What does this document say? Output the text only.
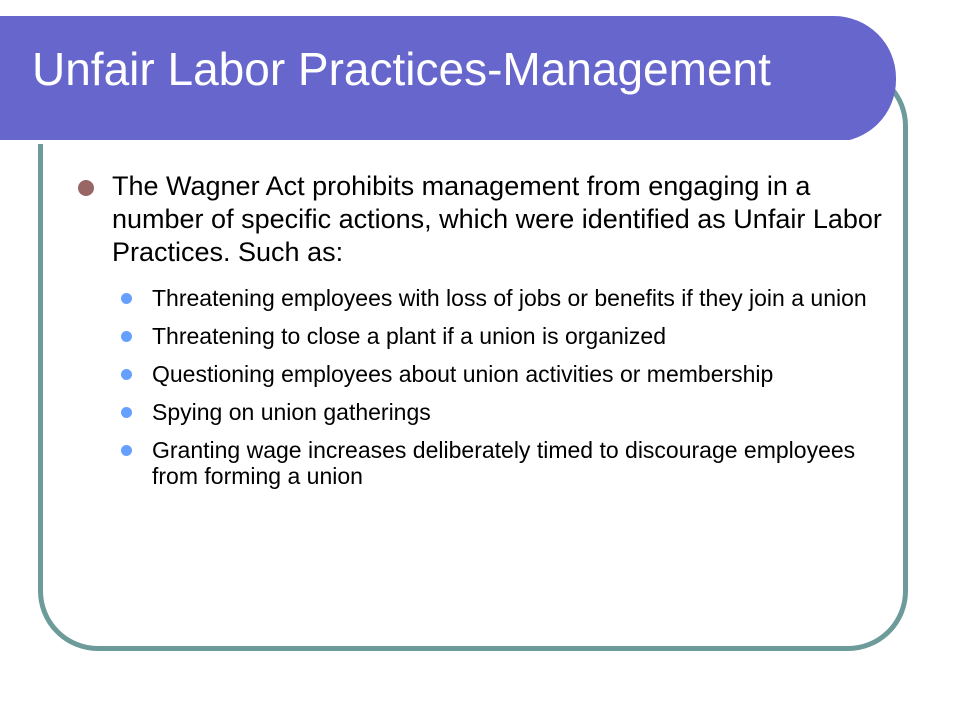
Unfair Labor Practices-Management

The Wagner Act prohibits management from engaging in a number of specific actions, which were identified as Unfair Labor Practices. Such as:

Threatening employees with loss of jobs or benefits if they join a union

Threatening to close a plant if a union is organized

Questioning employees about union activities or membership

Spying on union gatherings

Granting wage increases deliberately timed to discourage employees from forming a union
